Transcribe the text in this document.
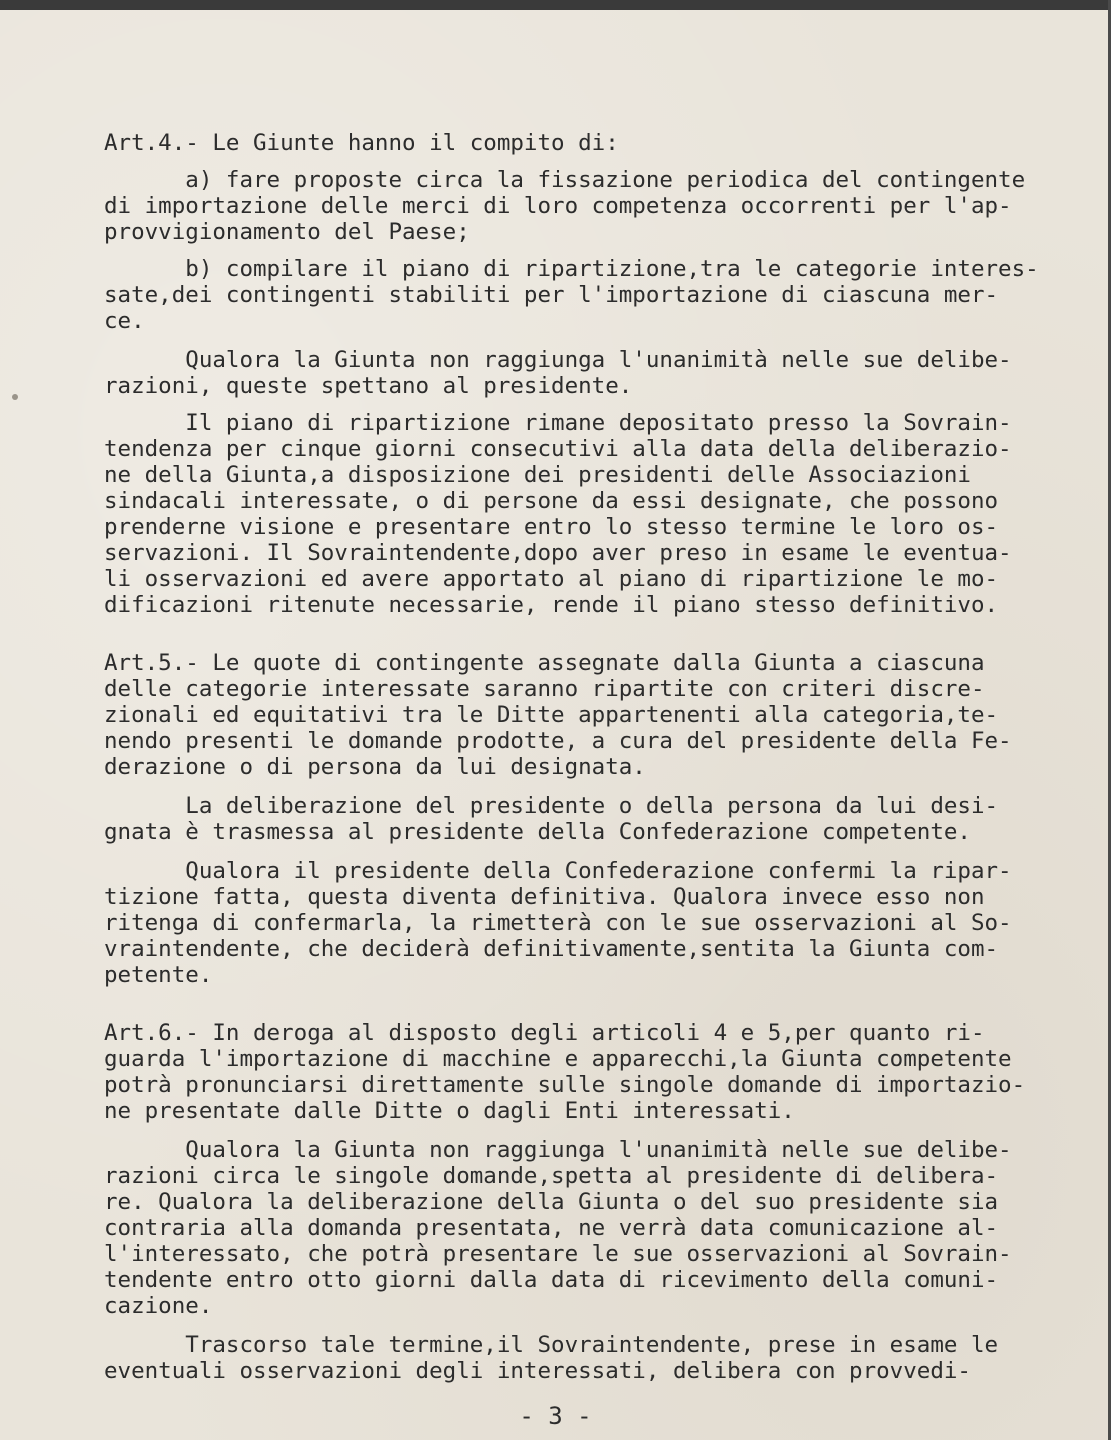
Art.4.- Le Giunte hanno il compito di:
a) fare proposte circa la fissazione periodica del contingente
di importazione delle merci di loro competenza occorrenti per l'ap-
provvigionamento del Paese;
b) compilare il piano di ripartizione,tra le categorie interes-
sate,dei contingenti stabiliti per l'importazione di ciascuna mer-
ce.
Qualora la Giunta non raggiunga l'unanimità nelle sue delibe-
razioni, queste spettano al presidente.
Il piano di ripartizione rimane depositato presso la Sovrain-
tendenza per cinque giorni consecutivi alla data della deliberazio-
ne della Giunta,a disposizione dei presidenti delle Associazioni
sindacali interessate, o di persone da essi designate, che possono
prenderne visione e presentare entro lo stesso termine le loro os-
servazioni. Il Sovraintendente,dopo aver preso in esame le eventua-
li osservazioni ed avere apportato al piano di ripartizione le mo-
dificazioni ritenute necessarie, rende il piano stesso definitivo.
Art.5.- Le quote di contingente assegnate dalla Giunta a ciascuna
delle categorie interessate saranno ripartite con criteri discre-
zionali ed equitativi tra le Ditte appartenenti alla categoria,te-
nendo presenti le domande prodotte, a cura del presidente della Fe-
derazione o di persona da lui designata.
La deliberazione del presidente o della persona da lui desi-
gnata è trasmessa al presidente della Confederazione competente.
Qualora il presidente della Confederazione confermi la ripar-
tizione fatta, questa diventa definitiva. Qualora invece esso non
ritenga di confermarla, la rimetterà con le sue osservazioni al So-
vraintendente, che deciderà definitivamente,sentita la Giunta com-
petente.
Art.6.- In deroga al disposto degli articoli 4 e 5,per quanto ri-
guarda l'importazione di macchine e apparecchi,la Giunta competente
potrà pronunciarsi direttamente sulle singole domande di importazio-
ne presentate dalle Ditte o dagli Enti interessati.
Qualora la Giunta non raggiunga l'unanimità nelle sue delibe-
razioni circa le singole domande,spetta al presidente di delibera-
re. Qualora la deliberazione della Giunta o del suo presidente sia
contraria alla domanda presentata, ne verrà data comunicazione al-
l'interessato, che potrà presentare le sue osservazioni al Sovrain-
tendente entro otto giorni dalla data di ricevimento della comuni-
cazione.
Trascorso tale termine,il Sovraintendente, prese in esame le
eventuali osservazioni degli interessati, delibera con provvedi-
- 3 -
